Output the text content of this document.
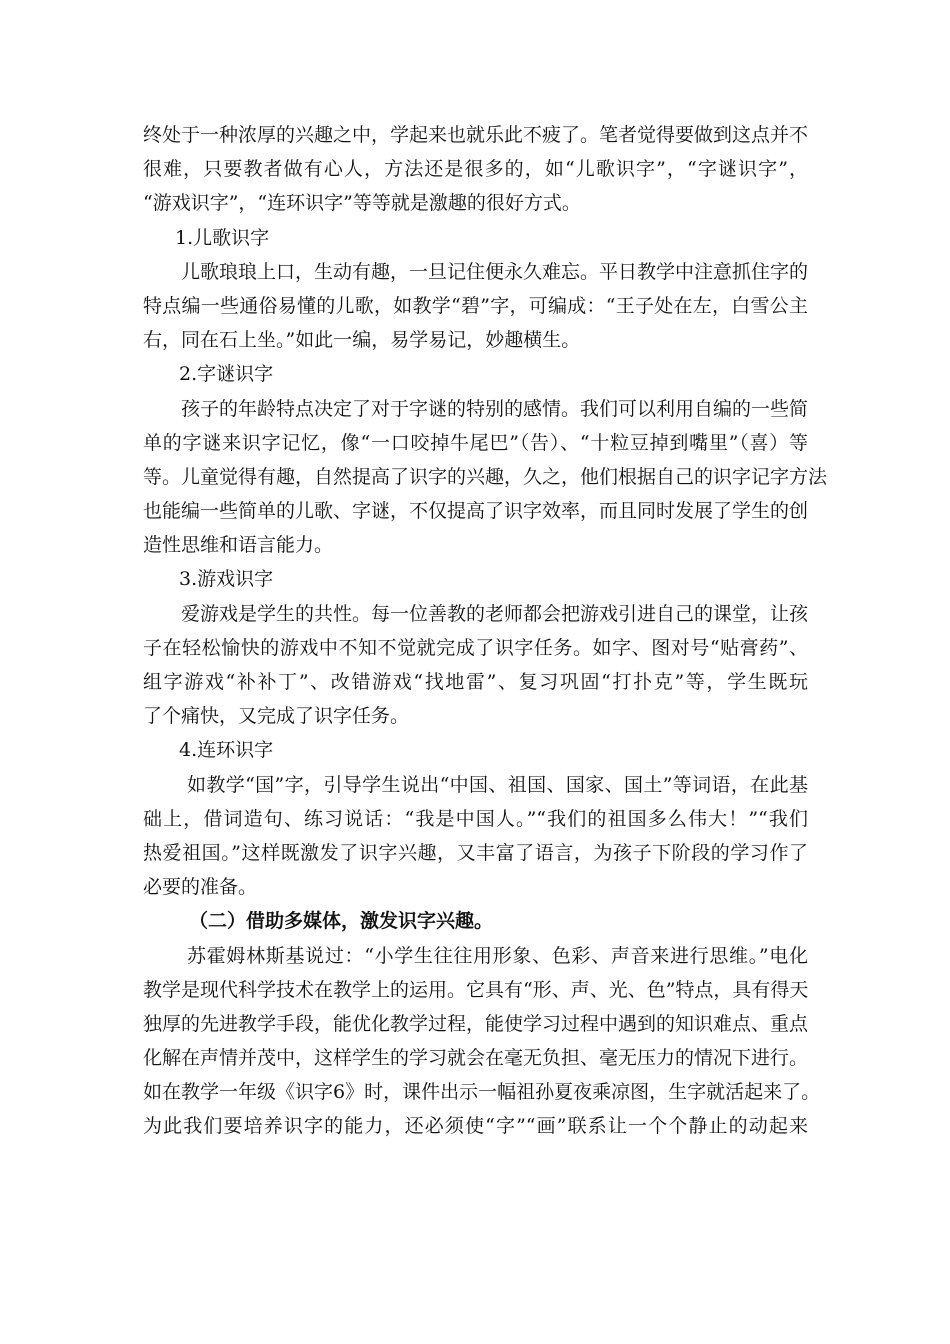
终处于一种浓厚的兴趣之中，学起来也就乐此不疲了。笔者觉得要做到这点并不
很难，只要教者做有心人，方法还是很多的，如“儿歌识字”，“字谜识字”，
“游戏识字”，“连环识字”等等就是激趣的很好方式。
1.儿歌识字
儿歌琅琅上口，生动有趣，一旦记住便永久难忘。平日教学中注意抓住字的
特点编一些通俗易懂的儿歌，如教学“碧”字，可编成：“王子处在左，白雪公主
右，同在石上坐。”如此一编，易学易记，妙趣横生。
2.字谜识字
孩子的年龄特点决定了对于字谜的特别的感情。我们可以利用自编的一些简
单的字谜来识字记忆，像“一口咬掉牛尾巴”（告）、“十粒豆掉到嘴里”（喜）等
等。儿童觉得有趣，自然提高了识字的兴趣，久之，他们根据自己的识字记字方法
也能编一些简单的儿歌、字谜，不仅提高了识字效率，而且同时发展了学生的创
造性思维和语言能力。
3.游戏识字
爱游戏是学生的共性。每一位善教的老师都会把游戏引进自己的课堂，让孩
子在轻松愉快的游戏中不知不觉就完成了识字任务。如字、图对号“贴膏药”、
组字游戏“补补丁”、改错游戏“找地雷”、复习巩固“打扑克”等，学生既玩
了个痛快，又完成了识字任务。
4.连环识字
如教学“国”字，引导学生说出“中国、祖国、国家、国土”等词语，在此基
础上，借词造句、练习说话：“我是中国人。”“我们的祖国多么伟大！”“我们
热爱祖国。”这样既激发了识字兴趣，又丰富了语言，为孩子下阶段的学习作了
必要的准备。
（二）借助多媒体，激发识字兴趣。
苏霍姆林斯基说过：“小学生往往用形象、色彩、声音来进行思维。”电化
教学是现代科学技术在教学上的运用。它具有“形、声、光、色”特点，具有得天
独厚的先进教学手段，能优化教学过程，能使学习过程中遇到的知识难点、重点
化解在声情并茂中，这样学生的学习就会在毫无负担、毫无压力的情况下进行。
如在教学一年级《识字6》时，课件出示一幅祖孙夏夜乘凉图，生字就活起来了。
为此我们要培养识字的能力，还必须使“字”“画”联系让一个个静止的动起来
